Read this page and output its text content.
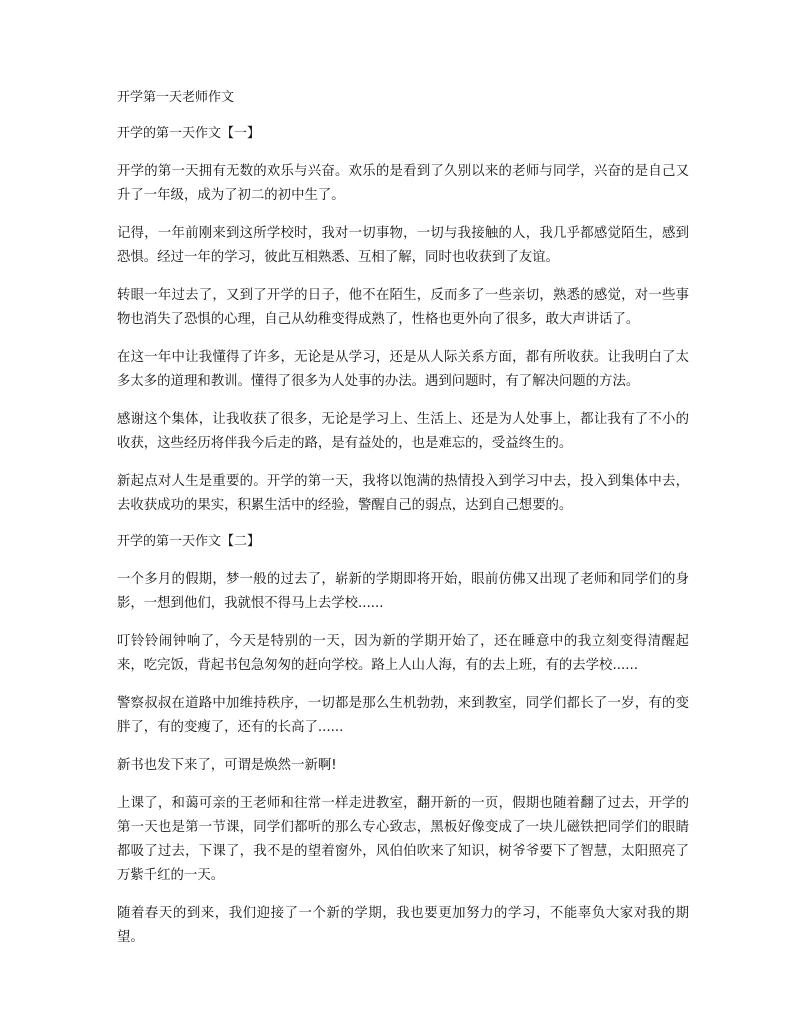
开学第一天老师作文
开学的第一天作文【一】

开学的第一天拥有无数的欢乐与兴奋。欢乐的是看到了久别以来的老师与同学，兴奋的是自己又升了一年级，成为了初二的初中生了。

记得，一年前刚来到这所学校时，我对一切事物，一切与我接触的人，我几乎都感觉陌生，感到恐惧。经过一年的学习，彼此互相熟悉、互相了解，同时也收获到了友谊。

转眼一年过去了，又到了开学的日子，他不在陌生，反而多了一些亲切，熟悉的感觉，对一些事物也消失了恐惧的心理，自己从幼稚变得成熟了，性格也更外向了很多，敢大声讲话了。

在这一年中让我懂得了许多，无论是从学习，还是从人际关系方面，都有所收获。让我明白了太多太多的道理和教训。懂得了很多为人处事的办法。遇到问题时，有了解决问题的方法。

感谢这个集体，让我收获了很多，无论是学习上、生活上、还是为人处事上，都让我有了不小的收获，这些经历将伴我今后走的路，是有益处的，也是难忘的，受益终生的。

新起点对人生是重要的。开学的第一天，我将以饱满的热情投入到学习中去，投入到集体中去，去收获成功的果实，积累生活中的经验，警醒自己的弱点，达到自己想要的。

开学的第一天作文【二】

一个多月的假期，梦一般的过去了，崭新的学期即将开始，眼前仿佛又出现了老师和同学们的身影，一想到他们，我就恨不得马上去学校......

叮铃铃闹钟响了，今天是特别的一天，因为新的学期开始了，还在睡意中的我立刻变得清醒起来，吃完饭，背起书包急匆匆的赶向学校。路上人山人海，有的去上班，有的去学校......

警察叔叔在道路中加维持秩序，一切都是那么生机勃勃，来到教室，同学们都长了一岁，有的变胖了，有的变瘦了，还有的长高了......

新书也发下来了，可谓是焕然一新啊!

上课了，和蔼可亲的王老师和往常一样走进教室，翻开新的一页，假期也随着翻了过去，开学的第一天也是第一节课，同学们都听的那么专心致志，黑板好像变成了一块儿磁铁把同学们的眼睛都吸了过去，下课了，我不是的望着窗外，风伯伯吹来了知识，树爷爷要下了智慧，太阳照亮了万紫千红的一天。

随着春天的到来，我们迎接了一个新的学期，我也要更加努力的学习，不能辜负大家对我的期望。
